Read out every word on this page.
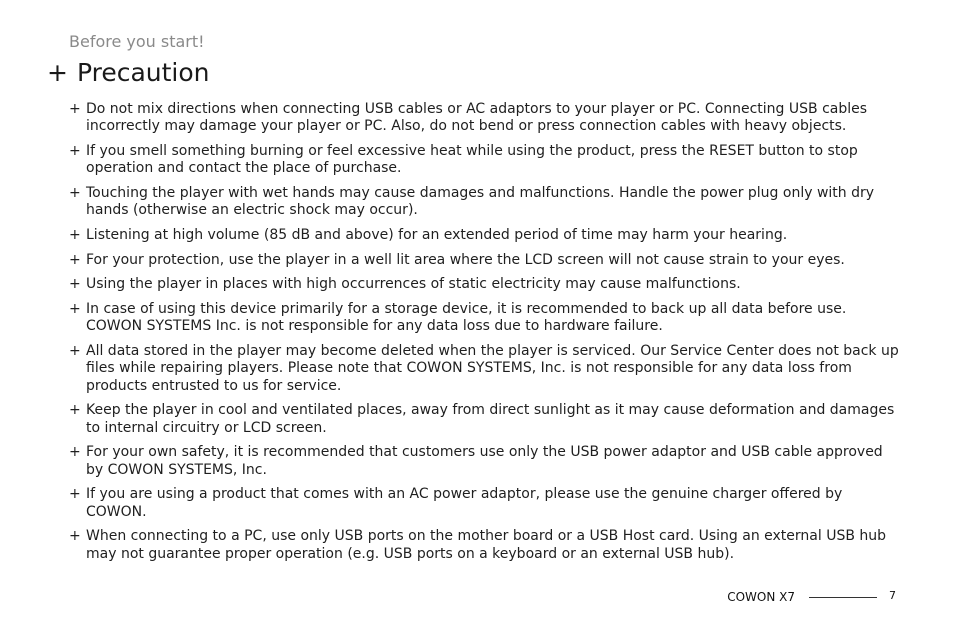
Before you start!
+ Precaution
+ Do not mix directions when connecting USB cables or AC adaptors to your player or PC. Connecting USB cables incorrectly may damage your player or PC. Also, do not bend or press connection cables with heavy objects.
+ If you smell something burning or feel excessive heat while using the product, press the RESET button to stop operation and contact the place of purchase.
+ Touching the player with wet hands may cause damages and malfunctions. Handle the power plug only with dry hands (otherwise an electric shock may occur).
+ Listening at high volume (85 dB and above) for an extended period of time may harm your hearing.
+ For your protection, use the player in a well lit area where the LCD screen will not cause strain to your eyes.
+ Using the player in places with high occurrences of static electricity may cause malfunctions.
+ In case of using this device primarily for a storage device, it is recommended to back up all data before use. COWON SYSTEMS Inc. is not responsible for any data loss due to hardware failure.
+ All data stored in the player may become deleted when the player is serviced. Our Service Center does not back up files while repairing players. Please note that COWON SYSTEMS, Inc. is not responsible for any data loss from products entrusted to us for service.
+ Keep the player in cool and ventilated places, away from direct sunlight as it may cause deformation and damages to internal circuitry or LCD screen.
+ For your own safety, it is recommended that customers use only the USB power adaptor and USB cable approved by COWON SYSTEMS, Inc.
+ If you are using a product that comes with an AC power adaptor, please use the genuine charger offered by COWON.
+ When connecting to a PC, use only USB ports on the mother board or a USB Host card. Using an external USB hub may not guarantee proper operation (e.g. USB ports on a keyboard or an external USB hub).
COWON X7	7
